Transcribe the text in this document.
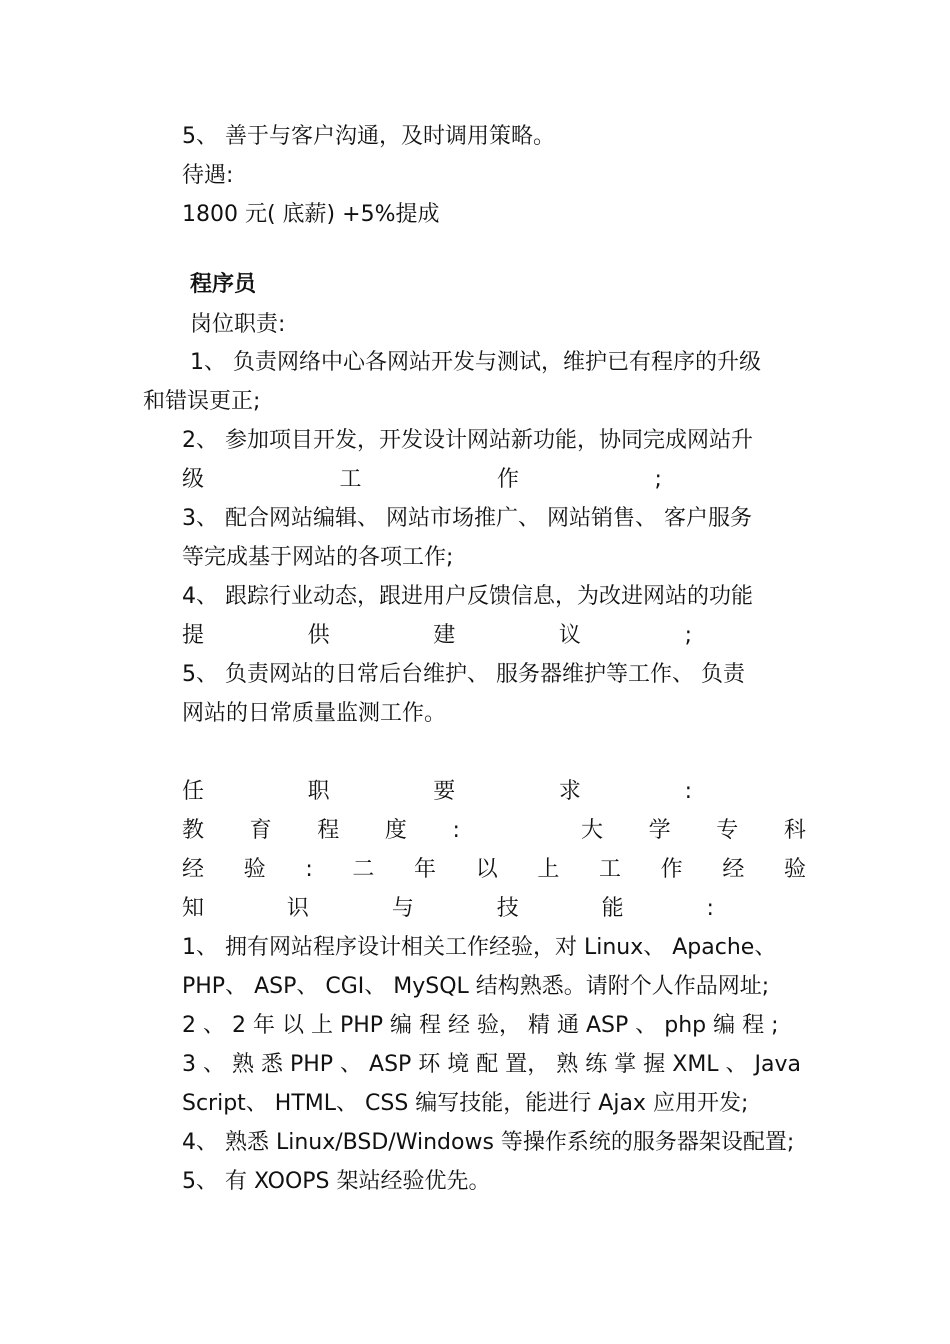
5、 善于与客户沟通，及时调用策略。
待遇:
1800 元( 底薪) +5%提成
程序员
岗位职责:
1、 负责网络中心各网站开发与测试，维护已有程序的升级
和错误更正;
2、 参加项目开发，开发设计网站新功能，协同完成网站升
级	工	作	;
3、 配合网站编辑、 网站市场推广、 网站销售、 客户服务
等完成基于网站的各项工作;
4、 跟踪行业动态，跟进用户反馈信息，为改进网站的功能
提	供	建	议	;
5、 负责网站的日常后台维护、 服务器维护等工作、 负责
网站的日常质量监测工作。
任	职	要	求	:
教 育 程 度 :	大 学 专 科
经 验 : 二 年 以 上 工 作 经 验
知	识	与	技	能	:
1、 拥有网站程序设计相关工作经验，对 Linux、 Apache、
PHP、 ASP、 CGI、 MySQL 结构熟悉。请附个人作品网址;
2 、 2 年 以 上 PHP 编 程 经 验， 精 通 ASP 、 php 编 程 ;
3 、 熟 悉 PHP 、 ASP 环 境 配 置， 熟 练 掌 握 XML 、 Java
Script、 HTML、 CSS 编写技能，能进行 Ajax 应用开发;
4、 熟悉 Linux/BSD/Windows 等操作系统的服务器架设配置;
5、 有 XOOPS 架站经验优先。
